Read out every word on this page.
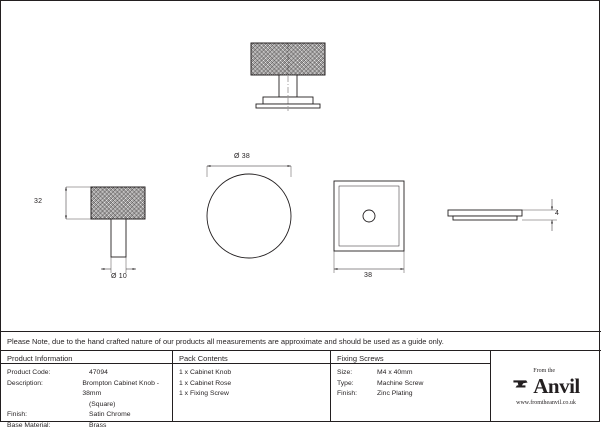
32
Ø 10
Ø 38
38
4
Please Note, due to the hand crafted nature of our products all measurements are approximate and should be used as a guide only.
Product Information
Product Code:	47094
Description:	Brompton Cabinet Knob - 38mm
(Square)
Finish:	Satin Chrome
Base Material:	Brass
Pack Contents
1 x Cabinet Knob
1 x Cabinet Rose
1 x Fixing Screw
Fixing Screws
Size:	M4 x 40mm
Type:	Machine Screw
Finish:	Zinc Plating
From the
Anvil
www.fromtheanvil.co.uk
